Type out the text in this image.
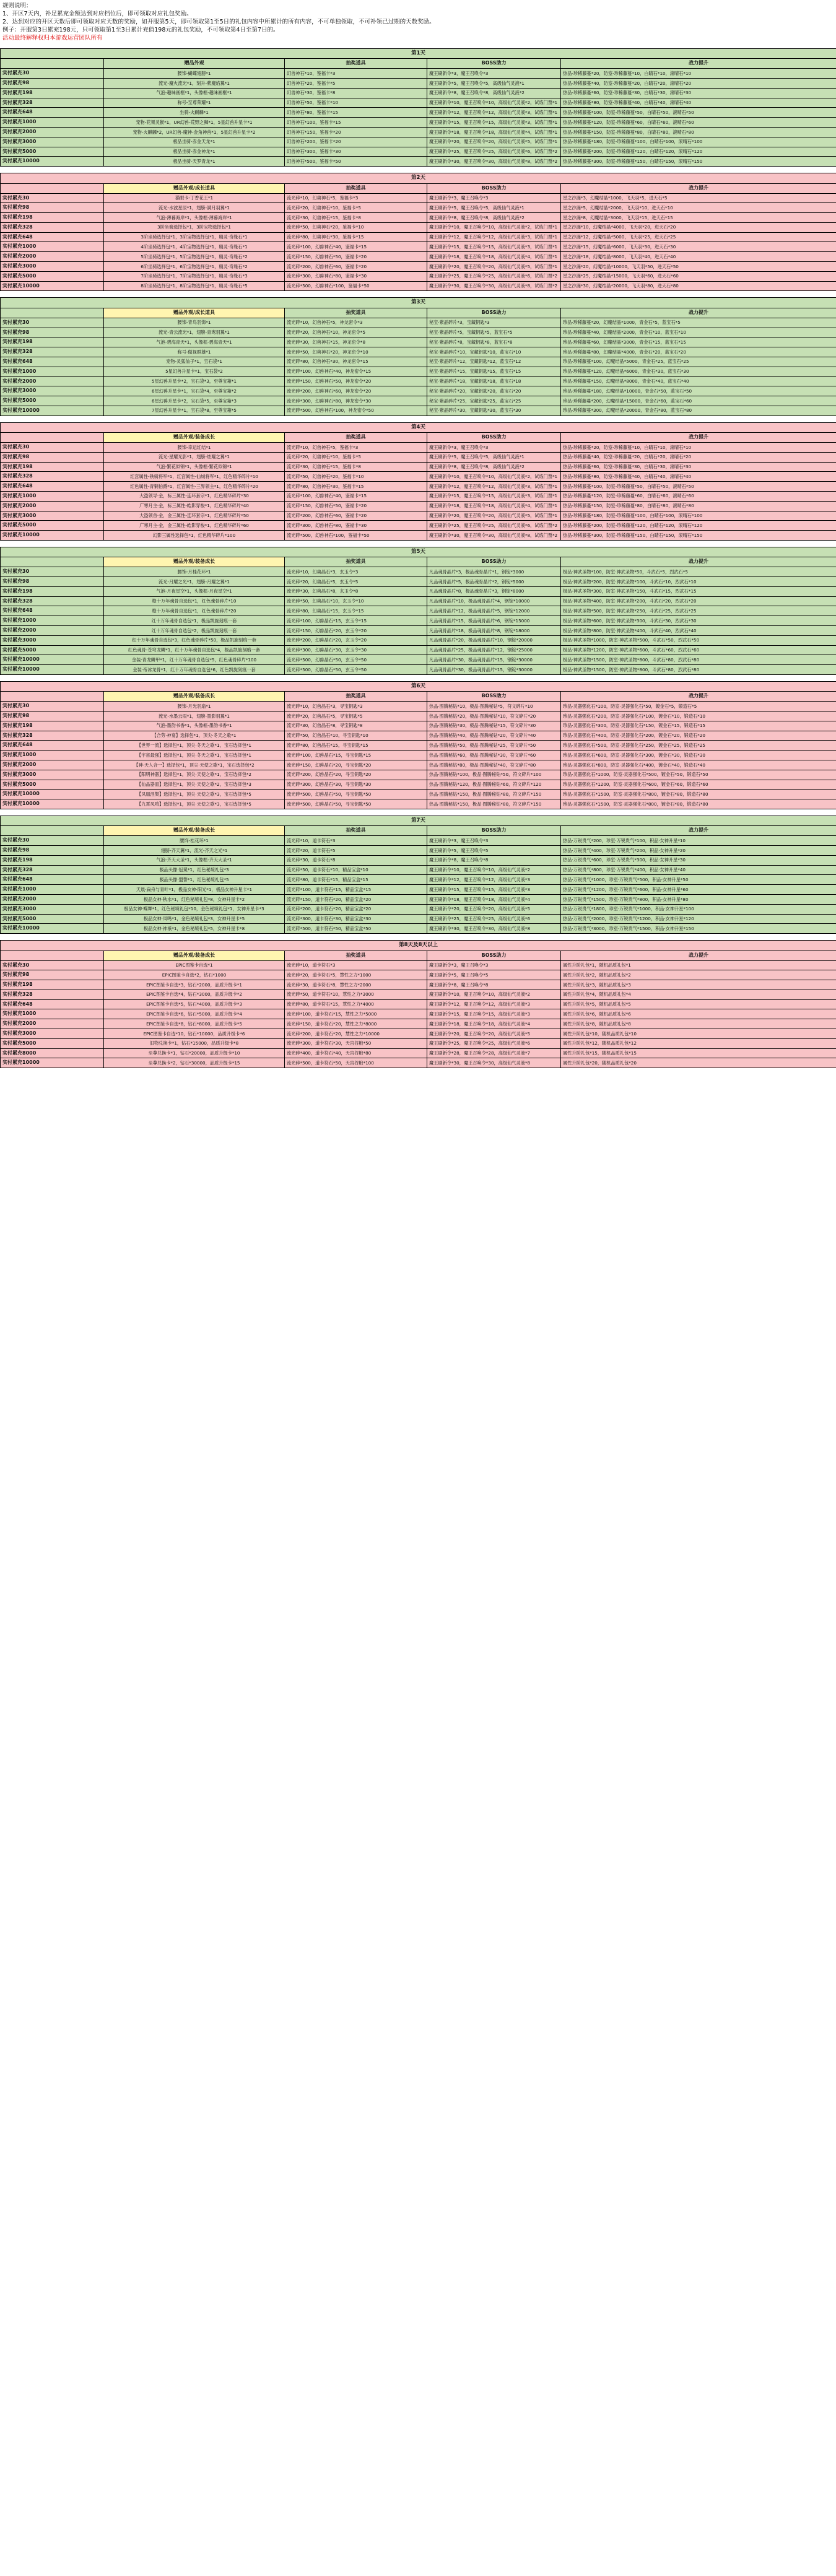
规则说明：
1、开区7天内，补足累充金额达到对应档位后，即可领取对应礼包奖励。
2、达到对应的开区天数后即可领取对应天数的奖励，如开服第5天，即可领取第1至5日的礼包内容中所累计的所有内容，不可单独领取，不可补领已过期的天数奖励。
例子：开服第3日累充198元，只可领取第1至3日累计充值198元的礼包奖励，不可领取第4日至第7日的。
活动最终解释权归本游戏运营团队所有
第1天				
	赠品外观	抽奖道具	BOSS助力	战力提升
实付累充30	腰饰-蝴蝶翅膀*1	幻兽神石*10，鉴福卡*3	魔王刷新令*3，魔王召唤令*3	热品-珍稀藤蔓*20，防室-珍稀藤蔓*10，白睛石*10，滚晴石*10
实付累充98	流光-魔火流光*1，刻升-紫魔焰翼*1	幻兽神石*20，鉴福卡*5	魔王刷新令*5，魔王召唤令*5，高级仙气灵液*1	热品-珍稀藤蔓*40，防室-珍稀藤蔓*20，白睛石*20，滚晴石*20
实付累充198	气泡-趣味画框*1，头像框-趣味画框*1	幻兽神石*30，鉴福卡*8	魔王刷新令*8，魔王召唤令*8，高级仙气灵液*2	热品-珍稀藤蔓*60，防室-珍稀藤蔓*30，白睛石*30，滚晴石*30
实付累充328	称号-至尊荣耀*1	幻兽神石*50，鉴福卡*10	魔王刷新令*10，魔王召唤令*10，高级仙气灵液*2，试炼门票*1	热品-珍稀藤蔓*80，防室-珍稀藤蔓*40，白睛石*40，滚晴石*40
实付累充648	坐骑-火麒麟*1	幻兽神石*80，鉴福卡*15	魔王刷新令*12，魔王召唤令*12，高级仙气灵液*3，试炼门票*1	热品-珍稀藤蔓*100，防室-珍稀藤蔓*50，白睛石*50，滚晴石*50
实付累充1000	宠物-花果灵猴*1，UR幻兽-荒野之狮*1，5星幻兽升星卡*1	幻兽神石*100，鉴福卡*15	魔王刷新令*15，魔王召唤令*15，高级仙气灵液*3，试炼门票*1	热品-珍稀藤蔓*120，防室-珍稀藤蔓*60，白睛石*60，滚晴石*60
实付累充2000	宠物-火麒麟*2，UR幻兽-魔神-金角神兽*1，5星幻兽升星卡*2	幻兽神石*150，鉴福卡*20	魔王刷新令*18，魔王召唤令*18，高级仙气灵液*4，试炼门票*1	热品-珍稀藤蔓*150，防室-珍稀藤蔓*80，白睛石*80，滚晴石*80
实付累充3000	极品坐骑-赤金天龙*1	幻兽神石*200，鉴福卡*20	魔王刷新令*20，魔王召唤令*20，高级仙气灵液*5，试炼门票*1	热品-珍稀藤蔓*180，防室-珍稀藤蔓*100，白睛石*100，滚晴石*100
实付累充5000	极品坐骑-赤金神龙*1	幻兽神石*300，鉴福卡*30	魔王刷新令*25，魔王召唤令*25，高级仙气灵液*6，试炼门票*2	热品-珍稀藤蔓*200，防室-珍稀藤蔓*120，白睛石*120，滚晴石*120
实付累充10000	极品坐骑-天罗青龙*1	幻兽神石*500，鉴福卡*50	魔王刷新令*30，魔王召唤令*30，高级仙气灵液*8，试炼门票*2	热品-珍稀藤蔓*300，防室-珍稀藤蔓*150，白睛石*150，滚晴石*150
第2天				
	赠品外观/成长道具	抽奖道具	BOSS助力	战力提升
实付累充30	猫眼卡-丁香花王*1	流光碎*10，幻兽神石*5，鉴福卡*3	魔王刷新令*3，魔王召唤令*3	星之沙漏*3，幻魔结晶*1000，飞天羽*5，进天石*5
实付累充98	流光-水波星辰*1，翅膀-满月羽翼*1	流光碎*20，幻兽神石*10，鉴福卡*5	魔王刷新令*5，魔王召唤令*5，高级仙气灵液*1	星之沙漏*5，幻魔结晶*2000，飞天羽*10，进天石*10
实付累充198	气泡-薄暮海岸*1，头像框-薄暮海岸*1	流光碎*30，幻兽神石*15，鉴福卡*8	魔王刷新令*8，魔王召唤令*8，高级仙气灵液*2	星之沙漏*8，幻魔结晶*3000，飞天羽*15，进天石*15
实付累充328	3阶坐骑选择包*1，3阶宝物选择包*1	流光碎*50，幻兽神石*20，鉴福卡*10	魔王刷新令*10，魔王召唤令*10，高级仙气灵液*2，试炼门票*1	星之沙漏*10，幻魔结晶*4000，飞天羽*20，进天石*20
实付累充648	3阶坐骑选择包*1，3阶宝物选择包*1，精灵·奇缘石*1	流光碎*80，幻兽神石*30，鉴福卡*15	魔王刷新令*12，魔王召唤令*12，高级仙气灵液*3，试炼门票*1	星之沙漏*12，幻魔结晶*5000，飞天羽*25，进天石*25
实付累充1000	4阶坐骑选择包*1，4阶宝物选择包*1，精灵·奇缘石*1	流光碎*100，幻兽神石*40，鉴福卡*15	魔王刷新令*15，魔王召唤令*15，高级仙气灵液*3，试炼门票*1	星之沙漏*15，幻魔结晶*6000，飞天羽*30，进天石*30
实付累充2000	5阶坐骑选择包*1，5阶宝物选择包*1，精灵·奇缘石*2	流光碎*150，幻兽神石*50，鉴福卡*20	魔王刷新令*18，魔王召唤令*18，高级仙气灵液*4，试炼门票*1	星之沙漏*18，幻魔结晶*8000，飞天羽*40，进天石*40
实付累充3000	6阶坐骑选择包*1，6阶宝物选择包*1，精灵·奇缘石*2	流光碎*200，幻兽神石*60，鉴福卡*20	魔王刷新令*20，魔王召唤令*20，高级仙气灵液*5，试炼门票*1	星之沙漏*20，幻魔结晶*10000，飞天羽*50，进天石*50
实付累充5000	7阶坐骑选择包*1，7阶宝物选择包*1，精灵·奇缘石*3	流光碎*300，幻兽神石*80，鉴福卡*30	魔王刷新令*25，魔王召唤令*25，高级仙气灵液*6，试炼门票*2	星之沙漏*25，幻魔结晶*15000，飞天羽*60，进天石*60
实付累充10000	8阶坐骑选择包*1，8阶宝物选择包*1，精灵·奇缘石*5	流光碎*500，幻兽神石*100，鉴福卡*50	魔王刷新令*30，魔王召唤令*30，高级仙气灵液*8，试炼门票*2	星之沙漏*30，幻魔结晶*20000，飞天羽*80，进天石*80
第3天				
	赠品外观/成长道具	抽奖道具	BOSS助力	战力提升
实付累充30	腰饰-青鸟羽饰*1	流光碎*10，幻兽神石*5，神龙密令*3	秘宝·紫晶碎片*3，宝藏钥匙*3	珍品·珍稀藤蔓*20，幻魔结晶*1000，青金石*5，蓝宝石*5
实付累充98	流光-青云流光*1，翅膀-青鸾羽翼*1	流光碎*20，幻兽神石*10，神龙密令*5	秘宝·紫晶碎片*5，宝藏钥匙*5，蓝宝石*5	珍品·珍稀藤蔓*40，幻魔结晶*2000，青金石*10，蓝宝石*10
实付累充198	气泡-碧海青天*1，头像框-碧海青天*1	流光碎*30，幻兽神石*15，神龙密令*8	秘宝·紫晶碎片*8，宝藏钥匙*8，蓝宝石*8	珍品·珍稀藤蔓*60，幻魔结晶*3000，青金石*15，蓝宝石*15
实付累充328	称号-傲视群雄*1	流光碎*50，幻兽神石*20，神龙密令*10	秘宝·紫晶碎片*10，宝藏钥匙*10，蓝宝石*10	珍品·珍稀藤蔓*80，幻魔结晶*4000，青金石*20，蓝宝石*20
实付累充648	宠物-灵狐仙子*1，宝石袋*1	流光碎*80，幻兽神石*30，神龙密令*15	秘宝·紫晶碎片*12，宝藏钥匙*12，蓝宝石*12	珍品·珍稀藤蔓*100，幻魔结晶*5000，青金石*25，蓝宝石*25
实付累充1000	5星幻兽升星卡*1，宝石袋*2	流光碎*100，幻兽神石*40，神龙密令*15	秘宝·紫晶碎片*15，宝藏钥匙*15，蓝宝石*15	珍品·珍稀藤蔓*120，幻魔结晶*6000，青金石*30，蓝宝石*30
实付累充2000	5星幻兽升星卡*2，宝石袋*3，至尊宝箱*1	流光碎*150，幻兽神石*50，神龙密令*20	秘宝·紫晶碎片*18，宝藏钥匙*18，蓝宝石*18	珍品·珍稀藤蔓*150，幻魔结晶*8000，青金石*40，蓝宝石*40
实付累充3000	6星幻兽升星卡*1，宝石袋*4，至尊宝箱*2	流光碎*200，幻兽神石*60，神龙密令*20	秘宝·紫晶碎片*20，宝藏钥匙*20，蓝宝石*20	珍品·珍稀藤蔓*180，幻魔结晶*10000，青金石*50，蓝宝石*50
实付累充5000	6星幻兽升星卡*2，宝石袋*5，至尊宝箱*3	流光碎*300，幻兽神石*80，神龙密令*30	秘宝·紫晶碎片*25，宝藏钥匙*25，蓝宝石*25	珍品·珍稀藤蔓*200，幻魔结晶*15000，青金石*60，蓝宝石*60
实付累充10000	7星幻兽升星卡*1，宝石袋*8，至尊宝箱*5	流光碎*500，幻兽神石*100，神龙密令*50	秘宝·紫晶碎片*30，宝藏钥匙*30，蓝宝石*30	珍品·珍稀藤蔓*300，幻魔结晶*20000，青金石*80，蓝宝石*80
第4天				
	赠品外观/装备成长	抽奖道具	BOSS助力	战力提升
实付累充30	腰饰-幸运红结*1	流光碎*10，幻兽神石*5，鉴福卡*3	魔王刷新令*3，魔王召唤令*3	热品-珍稀藤蔓*20，防室-珍稀藤蔓*10，白睛石*10，滚晴石*10
实付累充98	流光-星耀光影*1，翅膀-炫耀之翼*1	流光碎*20，幻兽神石*10，鉴福卡*5	魔王刷新令*5，魔王召唤令*5，高级仙气灵液*1	热品-珍稀藤蔓*40，防室-珍稀藤蔓*20，白睛石*20，滚晴石*20
实付累充198	气泡-繁花似锦*1，头像框-繁花似锦*1	流光碎*30，幻兽神石*15，鉴福卡*8	魔王刷新令*8，魔王召唤令*8，高级仙气灵液*2	热品-珍稀藤蔓*60，防室-珍稀藤蔓*30，白睛石*30，滚晴石*30
实付累充328	红宫属性-铁骑将军*1，红宫属性-仙城将军*1，红色精华碎片*10	流光碎*50，幻兽神石*20，鉴福卡*10	魔王刷新令*10，魔王召唤令*10，高级仙气灵液*2，试炼门票*1	热品-珍稀藤蔓*80，防室-珍稀藤蔓*40，白睛石*40，滚晴石*40
实付累充648	红色属性-青铜伯爵*1，红宫属性-三界领主*1，红色精华碎片*20	流光碎*80，幻兽神石*30，鉴福卡*15	魔王刷新令*12，魔王召唤令*12，高级仙气灵液*3，试炼门票*1	热品-珍稀藤蔓*100，防室-珍稀藤蔓*50，白睛石*50，滚晴石*50
实付累充1000	大盗领导·金，标三属性-连环套宗*1，红色精华碎片*30	流光碎*100，幻兽神石*40，鉴福卡*15	魔王刷新令*15，魔王召唤令*15，高级仙气灵液*3，试炼门票*1	热品-珍稀藤蔓*120，防室-珍稀藤蔓*60，白睛石*60，滚晴石*60
实付累充2000	广寒月主·金，标三属性-皓影穿梭*1，红色精华碎片*40	流光碎*150，幻兽神石*50，鉴福卡*20	魔王刷新令*18，魔王召唤令*18，高级仙气灵液*4，试炼门票*1	热品-珍稀藤蔓*150，防室-珍稀藤蔓*80，白睛石*80，滚晴石*80
实付累充3000	大盗领首·金，金三属性-连环套宗*1，红色精华碎片*50	流光碎*200，幻兽神石*60，鉴福卡*20	魔王刷新令*20，魔王召唤令*20，高级仙气灵液*5，试炼门票*1	热品-珍稀藤蔓*180，防室-珍稀藤蔓*100，白睛石*100，滚晴石*100
实付累充5000	广寒月主·金，金三属性-皓影穿梭*1，红色精华碎片*60	流光碎*300，幻兽神石*80，鉴福卡*30	魔王刷新令*25，魔王召唤令*25，高级仙气灵液*6，试炼门票*2	热品-珍稀藤蔓*200，防室-珍稀藤蔓*120，白睛石*120，滚晴石*120
实付累充10000	幻影三属性选择包*1，红色精华碎片*100	流光碎*500，幻兽神石*100，鉴福卡*50	魔王刷新令*30，魔王召唤令*30，高级仙气灵液*8，试炼门票*2	热品-珍稀藤蔓*300，防室-珍稀藤蔓*150，白睛石*150，滚晴石*150
第5天				
	赠品外观/装备成长	抽奖道具	BOSS助力	战力提升
实付累充30	腰饰-月桂花环*1	流光碎*10，幻兽晶石*3，玄玉令*3	凡品魂骨晶片*3，极品魂骨晶片*1，钢锭*3000	极品·神武圣物*100，防室·神武圣物*50，斗武石*5，烈武石*5
实付累充98	流光-月耀之光*1，翅膀-月耀之翼*1	流光碎*20，幻兽晶石*5，玄玉令*5	凡品魂骨晶片*5，极品魂骨晶片*2，钢锭*5000	极品·神武圣物*200，防室·神武圣物*100，斗武石*10，烈武石*10
实付累充198	气泡-月夜星空*1，头像框-月夜星空*1	流光碎*30，幻兽晶石*8，玄玉令*8	凡品魂骨晶片*8，极品魂骨晶片*3，钢锭*8000	极品·神武圣物*300，防室·神武圣物*150，斗武石*15，烈武石*15
实付累充328	橙十万年魂骨自选包*1，红色魂骨碎片*10	流光碎*50，幻兽晶石*10，玄玉令*10	凡品魂骨晶片*10，极品魂骨晶片*4，钢锭*10000	极品·神武圣物*400，防室·神武圣物*200，斗武石*20，烈武石*20
实付累充648	橙十万年魂骨自选包*1，红色魂骨碎片*20	流光碎*80，幻兽晶石*15，玄玉令*15	凡品魂骨晶片*12，极品魂骨晶片*5，钢锭*12000	极品·神武圣物*500，防室·神武圣物*250，斗武石*25，烈武石*25
实付累充1000	红十万年魂骨自选包*1，极品凯旋刻痕一套	流光碎*100，幻兽晶石*15，玄玉令*15	凡品魂骨晶片*15，极品魂骨晶片*6，钢锭*15000	极品·神武圣物*600，防室·神武圣物*300，斗武石*30，烈武石*30
实付累充2000	红十万年魂骨自选包*2，极品凯旋刻痕一套	流光碎*150，幻兽晶石*20，玄玉令*20	凡品魂骨晶片*18，极品魂骨晶片*8，钢锭*18000	极品·神武圣物*800，防室·神武圣物*400，斗武石*40，烈武石*40
实付累充3000	红十万年魂骨自选包*3，红色魂骨碎片*50，极品凯旋刻痕一套	流光碎*200，幻兽晶石*20，玄玉令*20	凡品魂骨晶片*20，极品魂骨晶片*10，钢锭*20000	极品·神武圣物*1000，防室·神武圣物*500，斗武石*50，烈武石*50
实付累充5000	红色魂骨-苍穹龙鳞*1，红十万年魂骨自选包*4，极品凯旋刻痕一套	流光碎*300，幻兽晶石*30，玄玉令*30	凡品魂骨晶片*25，极品魂骨晶片*12，钢锭*25000	极品·神武圣物*1200，防室·神武圣物*600，斗武石*60，烈武石*60
实付累充10000	金装·青龙鳞甲*1，红十万年魂骨自选包*5，红色魂骨碎片*100	流光碎*500，幻兽晶石*50，玄玉令*50	凡品魂骨晶片*30，极品魂骨晶片*15，钢锭*30000	极品·神武圣物*1500，防室·神武圣物*800，斗武石*80，烈武石*80
实付累充10000	金装·帝冰龙骨*1，红十万年魂骨自选包*6，红色凯旋刻痕一套	流光碎*500，幻兽晶石*50，玄玉令*50	凡品魂骨晶片*30，极品魂骨晶片*15，钢锭*30000	极品·神武圣物*1500，防室·神武圣物*800，斗武石*80，烈武石*80
第6天				
	赠品外观/装备成长	抽奖道具	BOSS助力	战力提升
实付累充30	腰饰-月光羽扇*1	流光碎*10，幻兽晶石*3，寻宝钥匙*3	热品·图腾秘钻*10，极品·图腾秘钻*5，符文碎片*10	珍品·灵器强化石*100，防室·灵器强化石*50，镀金石*5，锻造石*5
实付累充98	流光-水墨云雨*1，翅膀-墨影羽翼*1	流光碎*20，幻兽晶石*5，寻宝钥匙*5	热品·图腾秘钻*20，极品·图腾秘钻*10，符文碎片*20	珍品·灵器强化石*200，防室·灵器强化石*100，镀金石*10，锻造石*10
实付累充198	气泡-墨韵书香*1，头像框-墨韵书香*1	流光碎*30，幻兽晶石*8，寻宝钥匙*8	热品·图腾秘钻*30，极品·图腾秘钻*15，符文碎片*30	珍品·灵器强化石*300，防室·灵器强化石*150，镀金石*15，锻造石*15
实付累充328	【合劳·神宴】选择包*1，顶尖·冬天之歌*1	流光碎*50，幻兽晶石*10，寻宝钥匙*10	热品·图腾秘钻*40，极品·图腾秘钻*20，符文碎片*40	珍品·灵器强化石*400，防室·灵器强化石*200，镀金石*20，锻造石*20
实付累充648	【世界一流】选择包*1，顶尖·冬天之歌*1，宝石选择包*1	流光碎*80，幻兽晶石*15，寻宝钥匙*15	热品·图腾秘钻*50，极品·图腾秘钻*25，符文碎片*50	珍品·灵器强化石*500，防室·灵器强化石*250，镀金石*25，锻造石*25
实付累充1000	【宇宙最强】选择包*1，顶尖·冬天之歌*1，宝石选择包*1	流光碎*100，幻兽晶石*15，寻宝钥匙*15	热品·图腾秘钻*60，极品·图腾秘钻*30，符文碎片*60	珍品·灵器强化石*600，防室·灵器强化石*300，镀金石*30，锻造石*30
实付累充2000	【神·天人合一】选择包*1，顶尖·天使之歌*1，宝石选择包*2	流光碎*150，幻兽晶石*20，寻宝钥匙*20	热品·图腾秘钻*80，极品·图腾秘钻*40，符文碎片*80	珍品·灵器强化石*800，防室·灵器强化石*400，镀金石*40，锻造石*40
实付累充3000	【阳明神器】选择包*1，顶尖·天使之歌*1，宝石选择包*2	流光碎*200，幻兽晶石*20，寻宝钥匙*20	热品·图腾秘钻*100，极品·图腾秘钻*50，符文碎片*100	珍品·灵器强化石*1000，防室·灵器强化石*500，镀金石*50，锻造石*50
实付累充5000	【仙品器皿】选择包*1，顶尖·天使之歌*2，宝石选择包*3	流光碎*300，幻兽晶石*30，寻宝钥匙*30	热品·图腾秘钻*120，极品·图腾秘钻*60，符文碎片*120	珍品·灵器强化石*1200，防室·灵器强化石*600，镀金石*60，锻造石*60
实付累充10000	【凤凰涅槃】选择包*1，顶尖·天使之歌*3，宝石选择包*5	流光碎*500，幻兽晶石*50，寻宝钥匙*50	热品·图腾秘钻*150，极品·图腾秘钻*80，符文碎片*150	珍品·灵器强化石*1500，防室·灵器强化石*800，镀金石*80，锻造石*80
实付累充10000	【九霄凤鸣】选择包*1，顶尖·天使之歌*3，宝石选择包*5	流光碎*500，幻兽晶石*50，寻宝钥匙*50	热品·图腾秘钻*150，极品·图腾秘钻*80，符文碎片*150	珍品·灵器强化石*1500，防室·灵器强化石*800，镀金石*80，锻造石*80
第7天				
	赠品外观/装备成长	抽奖道具	BOSS助力	战力提升
实付累充30	腰饰-桂花环*1	流光碎*10，道卡符石*3	魔王刷新令*3，魔王召唤令*3	热品·万锐贵气*200，珍室·万锐贵气*100，积品·女神升星*10
实付累充98	翅膀-齐天翼*1，流光-齐天之光*1	流光碎*20，道卡符石*5	魔王刷新令*5，魔王召唤令*5	热品·万锐贵气*400，珍室·万锐贵气*200，积品·女神升星*20
实付累充198	气泡-齐天大圣*1，头像框-齐天大圣*1	流光碎*30，道卡符石*8	魔王刷新令*8，魔王召唤令*8	热品·万锐贵气*600，珍室·万锐贵气*300，积品·女神升星*30
实付累充328	极品头像·冠冕*1，红色秘境礼包*3	流光碎*50，道卡符石*10，精品宝盒*10	魔王刷新令*10，魔王召唤令*10，高级仙气灵液*2	热品·万锐贵气*800，珍室·万锐贵气*400，积品·女神升星*40
实付累充648	极品头像·盟誓*1，红色秘境礼包*5	流光碎*80，道卡符石*15，精品宝盒*15	魔王刷新令*12，魔王召唤令*12，高级仙气灵液*3	热品·万锐贵气*1000，珍室·万锐贵气*500，积品·女神升星*50
实付累充1000	天晨·扁舟与青叶*1，极品女神·阳光*1，极品女神升星卡*1	流光碎*100，道卡符石*15，精品宝盒*15	魔王刷新令*15，魔王召唤令*15，高级仙气灵液*3	热品·万锐贵气*1200，珍室·万锐贵气*600，积品·女神升星*60
实付累充2000	极品女神·秋水*1，红色秘境礼包*8，女神升星卡*2	流光碎*150，道卡符石*20，精品宝盒*20	魔王刷新令*18，魔王召唤令*18，高级仙气灵液*4	热品·万锐贵气*1500，珍室·万锐贵气*800，积品·女神升星*80
实付累充3000	极品女神·蝶舞*1，红色秘境礼包*10，金色秘境礼包*1，女神升星卡*3	流光碎*200，道卡符石*20，精品宝盒*20	魔王刷新令*20，魔王召唤令*20，高级仙气灵液*5	热品·万锐贵气*1800，珍室·万锐贵气*1000，积品·女神升星*100
实付累充5000	极品女神·凤鸣*1，金色秘境礼包*3，女神升星卡*5	流光碎*300，道卡符石*30，精品宝盒*30	魔王刷新令*25，魔王召唤令*25，高级仙气灵液*6	热品·万锐贵气*2000，珍室·万锐贵气*1200，积品·女神升星*120
实付累充10000	极品女神·神祇*1，金色秘境礼包*5，女神升星卡*8	流光碎*500，道卡符石*50，精品宝盒*50	魔王刷新令*30，魔王召唤令*30，高级仙气灵液*8	热品·万锐贵气*3000，珍室·万锐贵气*1500，积品·女神升星*150
第8天及8天以上				
	赠品外观/装备成长	抽奖道具	BOSS助力	战力提升
实付累充30	EPIC图鉴卡自选*1	流光碎*10，道卡符石*3	魔王刷新令*3，魔王召唤令*3	属性升阶礼包*1，随机品质礼包*1
实付累充98	EPIC图鉴卡自选*2，钻石*1000	流光碎*20，道卡符石*5，慧性之力*1000	魔王刷新令*5，魔王召唤令*5	属性升阶礼包*2，随机品质礼包*2
实付累充198	EPIC图鉴卡自选*3，钻石*2000，品质升级卡*1	流光碎*30，道卡符石*8，慧性之力*2000	魔王刷新令*8，魔王召唤令*8	属性升阶礼包*3，随机品质礼包*3
实付累充328	EPIC图鉴卡自选*4，钻石*3000，品质升级卡*2	流光碎*50，道卡符石*10，慧性之力*3000	魔王刷新令*10，魔王召唤令*10，高级仙气灵液*2	属性升阶礼包*4，随机品质礼包*4
实付累充648	EPIC图鉴卡自选*5，钻石*4000，品质升级卡*3	流光碎*80，道卡符石*15，慧性之力*4000	魔王刷新令*12，魔王召唤令*12，高级仙气灵液*3	属性升阶礼包*5，随机品质礼包*5
实付累充1000	EPIC图鉴卡自选*6，钻石*5000，品质升级卡*4	流光碎*100，道卡符石*15，慧性之力*5000	魔王刷新令*15，魔王召唤令*15，高级仙气灵液*3	属性升阶礼包*6，随机品质礼包*6
实付累充2000	EPIC图鉴卡自选*8，钻石*8000，品质升级卡*5	流光碎*150，道卡符石*20，慧性之力*8000	魔王刷新令*18，魔王召唤令*18，高级仙气灵液*4	属性升阶礼包*8，随机品质礼包*8
实付累充3000	EPIC图鉴卡自选*10，钻石*10000，品质升级卡*6	流光碎*200，道卡符石*20，慧性之力*10000	魔王刷新令*20，魔王召唤令*20，高级仙气灵液*5	属性升阶礼包*10，随机品质礼包*10
实付累充5000	旧物兑换卡*1，钻石*15000，品质升级卡*8	流光碎*300，道卡符石*30，天宫谷粮*50	魔王刷新令*25，魔王召唤令*25，高级仙气灵液*6	属性升阶礼包*12，随机品质礼包*12
实付累充8000	至尊兑换卡*1，钻石*20000，品质升级卡*10	流光碎*400，道卡符石*40，天宫谷粮*80	魔王刷新令*28，魔王召唤令*28，高级仙气灵液*7	属性升阶礼包*15，随机品质礼包*15
实付累充10000	至尊兑换卡*2，钻石*30000，品质升级卡*15	流光碎*500，道卡符石*50，天宫谷粮*100	魔王刷新令*30，魔王召唤令*30，高级仙气灵液*8	属性升阶礼包*20，随机品质礼包*20
